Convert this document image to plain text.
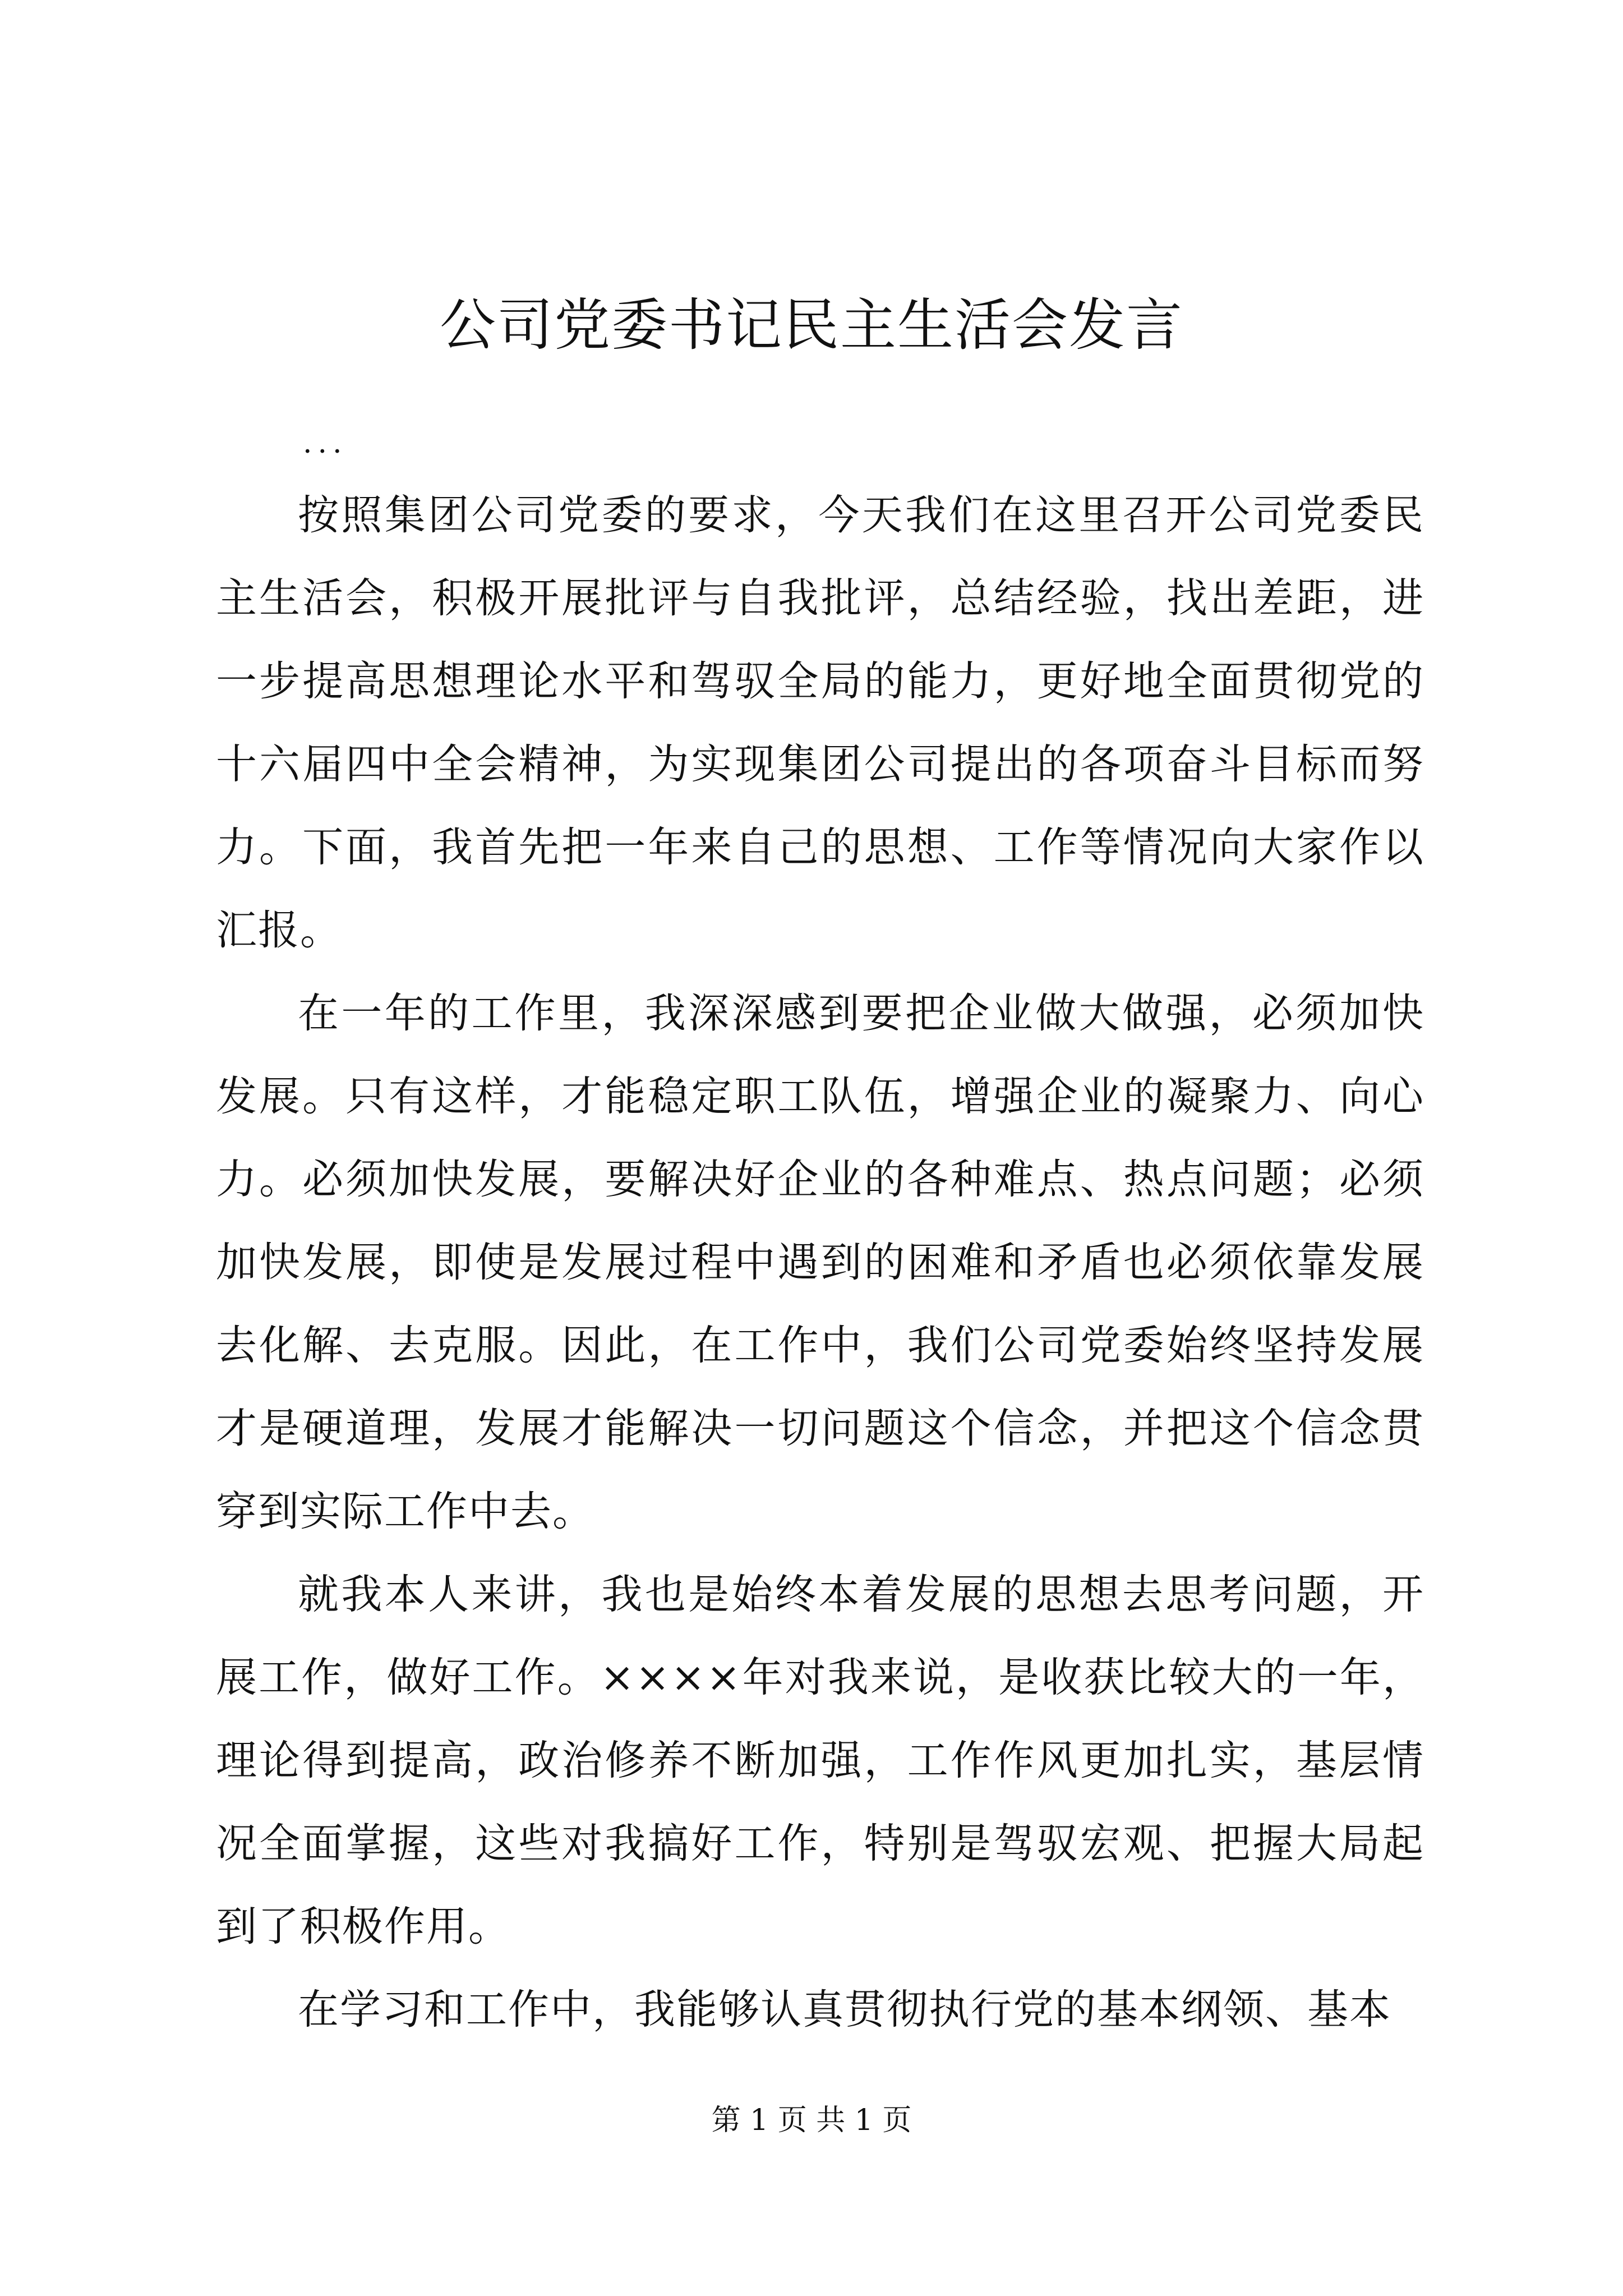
公司党委书记民主生活会发言

...

按照集团公司党委的要求，今天我们在这里召开公司党委民主生活会，积极开展批评与自我批评，总结经验，找出差距，进一步提高思想理论水平和驾驭全局的能力，更好地全面贯彻党的十六届四中全会精神，为实现集团公司提出的各项奋斗目标而努力。下面，我首先把一年来自己的思想、工作等情况向大家作以汇报。

在一年的工作里，我深深感到要把企业做大做强，必须加快发展。只有这样，才能稳定职工队伍，增强企业的凝聚力、向心力。必须加快发展，要解决好企业的各种难点、热点问题；必须加快发展，即使是发展过程中遇到的困难和矛盾也必须依靠发展去化解、去克服。因此，在工作中，我们公司党委始终坚持发展才是硬道理，发展才能解决一切问题这个信念，并把这个信念贯穿到实际工作中去。

就我本人来讲，我也是始终本着发展的思想去思考问题，开展工作，做好工作。××××年对我来说，是收获比较大的一年，理论得到提高，政治修养不断加强，工作作风更加扎实，基层情况全面掌握，这些对我搞好工作，特别是驾驭宏观、把握大局起到了积极作用。

在学习和工作中，我能够认真贯彻执行党的基本纲领、基本

第 1 页 共 1 页
